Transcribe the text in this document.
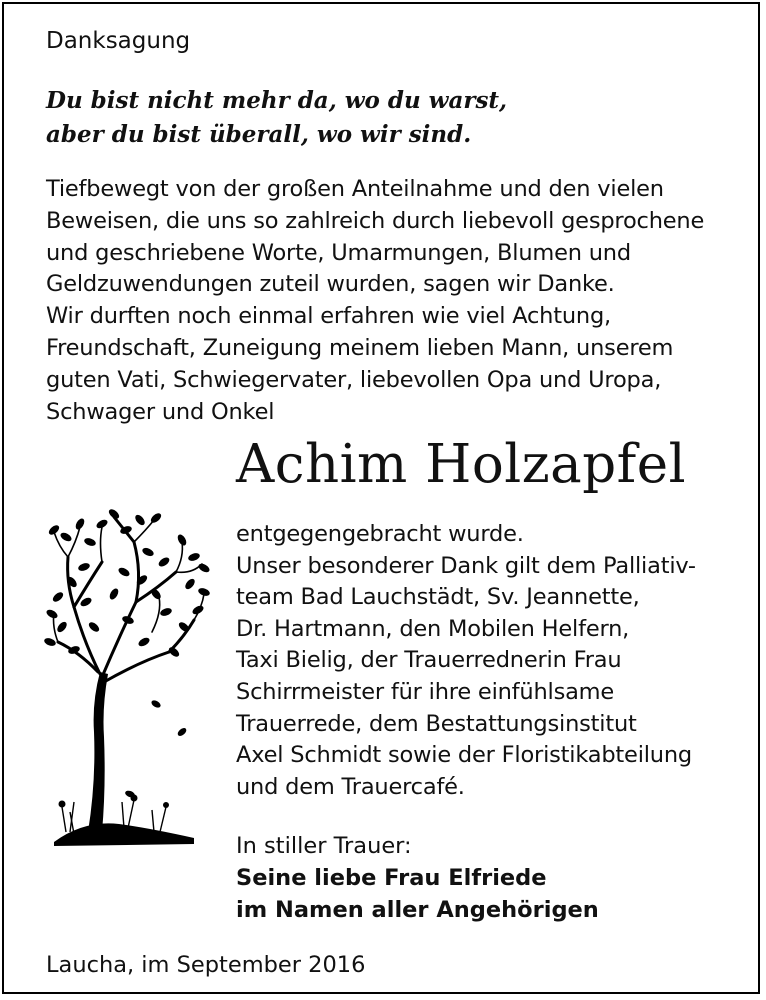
Danksagung
Du bist nicht mehr da, wo du warst,
aber du bist überall, wo wir sind.
Tiefbewegt von der großen Anteilnahme und den vielen
Beweisen, die uns so zahlreich durch liebevoll gesprochene
und geschriebene Worte, Umarmungen, Blumen und
Geldzuwendungen zuteil wurden, sagen wir Danke.
Wir durften noch einmal erfahren wie viel Achtung,
Freundschaft, Zuneigung meinem lieben Mann, unserem
guten Vati, Schwiegervater, liebevollen Opa und Uropa,
Schwager und Onkel
Achim Holzapfel
entgegengebracht wurde.
Unser besonderer Dank gilt dem Palliativ-
team Bad Lauchstädt, Sv. Jeannette,
Dr. Hartmann, den Mobilen Helfern,
Taxi Bielig, der Trauerrednerin Frau
Schirrmeister für ihre einfühlsame
Trauerrede, dem Bestattungsinstitut
Axel Schmidt sowie der Floristikabteilung
und dem Trauercafé.
In stiller Trauer:
Seine liebe Frau Elfriede
im Namen aller Angehörigen
Laucha, im September 2016
